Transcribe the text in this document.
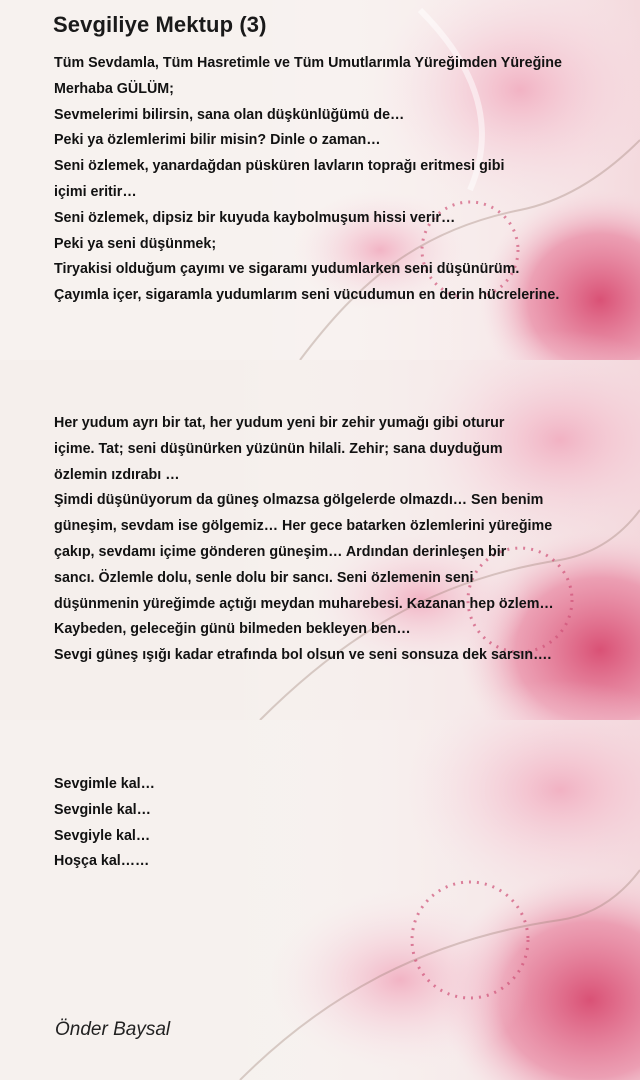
Sevgiliye Mektup (3)
Tüm Sevdamla, Tüm Hasretimle ve Tüm Umutlarımla Yüreğimden Yüreğine
Merhaba GÜLÜM;
Sevmelerimi bilirsin, sana olan düşkünlüğümü de…
Peki ya özlemlerimi bilir misin? Dinle o zaman…
Seni özlemek, yanardağdan püsküren lavların toprağı eritmesi gibi
içimi eritir…
Seni özlemek, dipsiz bir kuyuda kaybolmuşum hissi verir…
Peki ya seni düşünmek;
Tiryakisi olduğum çayımı ve sigaramı yudumlarken seni düşünürüm.
Çayımla içer, sigaramla yudumlarım seni vücudumun en derin hücrelerine.
Her yudum ayrı bir tat, her yudum yeni bir zehir yumağı gibi oturur
içime. Tat; seni düşünürken yüzünün hilali. Zehir; sana duyduğum
özlemin ızdırabı …
Şimdi düşünüyorum da güneş olmazsa gölgelerde olmazdı… Sen benim
güneşim, sevdam ise gölgemiz… Her gece batarken özlemlerini yüreğime
çakıp, sevdamı içime gönderen güneşim… Ardından derinleşen bir
sancı. Özlemle dolu, senle dolu bir sancı. Seni özlemenin seni
düşünmenin yüreğimde açtığı meydan muharebesi. Kazanan hep özlem…
Kaybeden, geleceğin günü bilmeden bekleyen ben…
Sevgi güneş ışığı kadar etrafında bol olsun ve seni sonsuza dek sarsın….
Sevgimle kal…
Sevginle kal…
Sevgiyle kal…
Hoşça kal……
Önder Baysal
